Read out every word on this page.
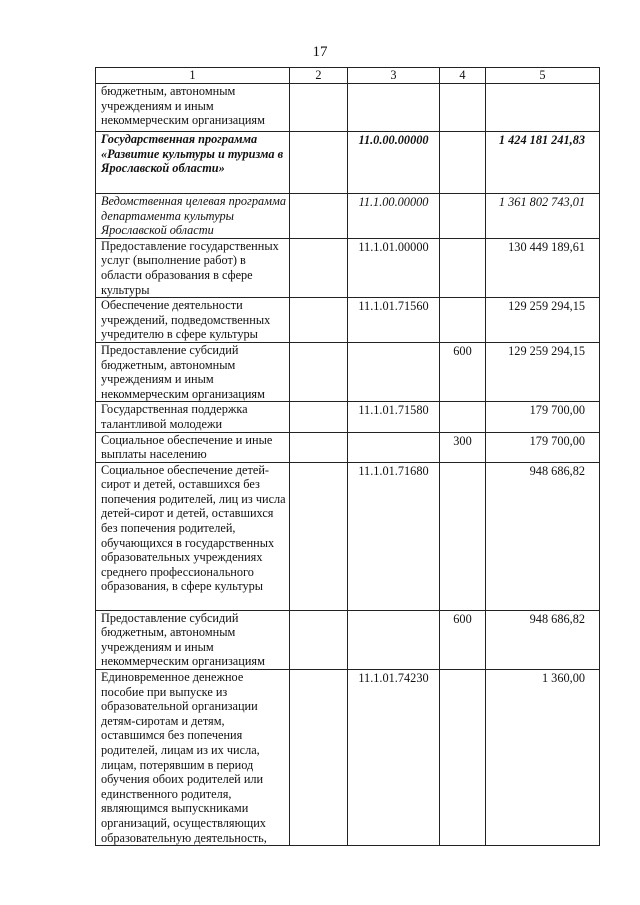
17
1	2	3	4	5
бюджетным, автономным учреждениям и иным некоммерческим организациям				
Государственная программа «Развитие культуры и туризма в Ярославской области»		11.0.00.00000		1 424 181 241,83
Ведомственная целевая программа департамента культуры Ярославской области		11.1.00.00000		1 361 802 743,01
Предоставление государственных услуг (выполнение работ) в области образования в сфере культуры		11.1.01.00000		130 449 189,61
Обеспечение деятельности учреждений, подведомственных учредителю в сфере культуры		11.1.01.71560		129 259 294,15
Предоставление субсидий бюджетным, автономным учреждениям и иным некоммерческим организациям			600	129 259 294,15
Государственная поддержка талантливой молодежи		11.1.01.71580		179 700,00
Социальное обеспечение и иные выплаты населению			300	179 700,00
Социальное обеспечение детей-сирот и детей, оставшихся без попечения родителей, лиц из числа детей-сирот и детей, оставшихся без попечения родителей, обучающихся в государственных образовательных учреждениях среднего профессионального образования, в сфере культуры		11.1.01.71680		948 686,82
Предоставление субсидий бюджетным, автономным учреждениям и иным некоммерческим организациям			600	948 686,82
Единовременное денежное пособие при выпуске из образовательной организации детям-сиротам и детям, оставшимся без попечения родителей, лицам из их числа, лицам, потерявшим в период обучения обоих родителей или единственного родителя, являющимся выпускниками организаций, осуществляющих образовательную деятельность,		11.1.01.74230		1 360,00
